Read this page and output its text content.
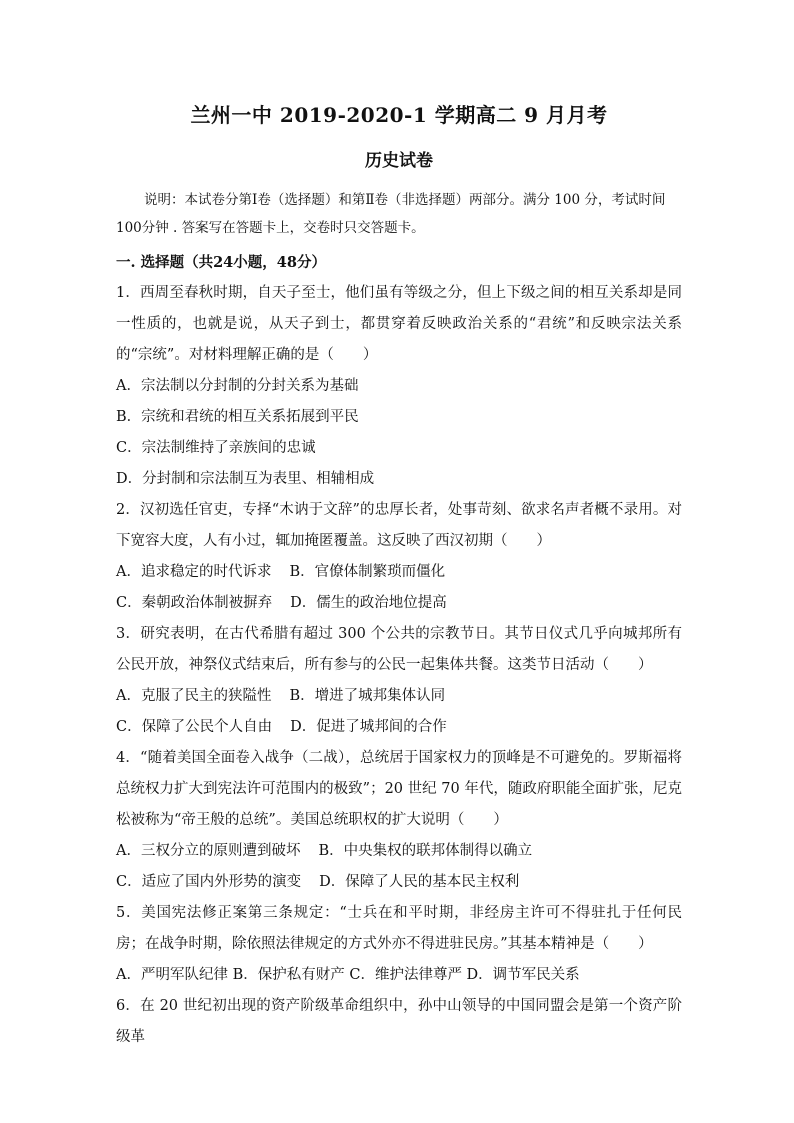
兰州一中 2019-2020-1 学期高二 9 月月考
历史试卷

说明：本试卷分第Ⅰ卷（选择题）和第Ⅱ卷（非选择题）两部分。满分 100 分，考试时间 100分钟 . 答案写在答题卡上，交卷时只交答题卡。

一. 选择题（共24小题，48分）

1．西周至春秋时期，自天子至士，他们虽有等级之分，但上下级之间的相互关系却是同一性质的，也就是说，从天子到士，都贯穿着反映政治关系的“君统”和反映宗法关系的“宗统”。对材料理解正确的是（　　）

A．宗法制以分封制的分封关系为基础

B．宗统和君统的相互关系拓展到平民

C．宗法制维持了亲族间的忠诚

D．分封制和宗法制互为表里、相辅相成

2．汉初选任官吏，专择“木讷于文辞”的忠厚长者，处事苛刻、欲求名声者概不录用。对下宽容大度，人有小过，辄加掩匿覆盖。这反映了西汉初期（　　）

A．追求稳定的时代诉求 B．官僚体制繁琐而僵化

C．秦朝政治体制被摒弃 D．儒生的政治地位提高

3．研究表明，在古代希腊有超过 300 个公共的宗教节日。其节日仪式几乎向城邦所有公民开放，神祭仪式结束后，所有参与的公民一起集体共餐。这类节日活动（　　）

A．克服了民主的狭隘性 B．增进了城邦集体认同

C．保障了公民个人自由 D．促进了城邦间的合作

4．“随着美国全面卷入战争（二战），总统居于国家权力的顶峰是不可避免的。罗斯福将总统权力扩大到宪法许可范围内的极致”；20 世纪 70 年代，随政府职能全面扩张，尼克松被称为“帝王般的总统”。美国总统职权的扩大说明（　　）

A．三权分立的原则遭到破坏 B．中央集权的联邦体制得以确立

C．适应了国内外形势的演变 D．保障了人民的基本民主权利

5．美国宪法修正案第三条规定：“士兵在和平时期，非经房主许可不得驻扎于任何民房；在战争时期，除依照法律规定的方式外亦不得进驻民房。”其基本精神是（　　）

A．严明军队纪律 B．保护私有财产 C．维护法律尊严 D．调节军民关系

6．在 20 世纪初出现的资产阶级革命组织中，孙中山领导的中国同盟会是第一个资产阶级革
